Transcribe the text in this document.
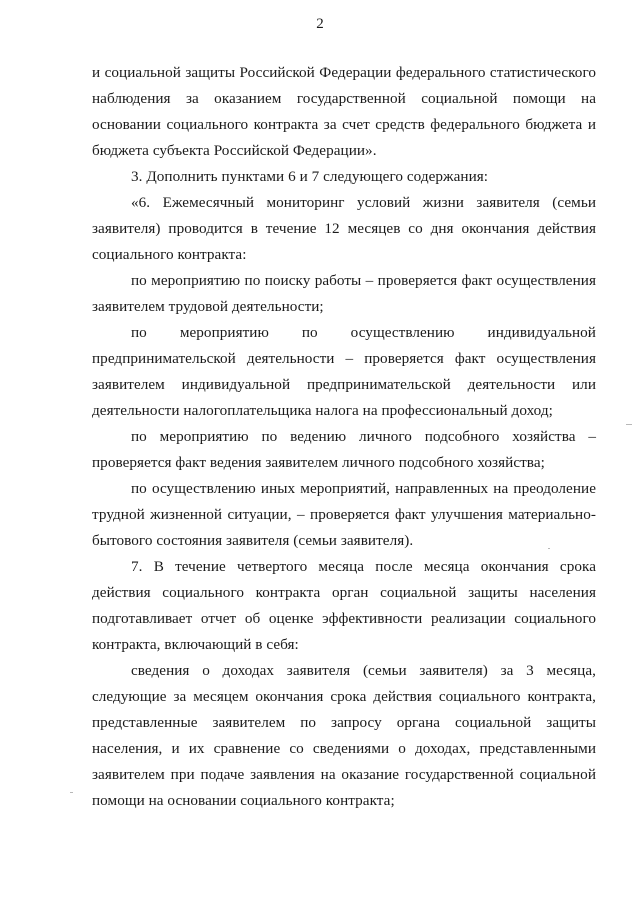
2

и социальной защиты Российской Федерации федерального статистического наблюдения за оказанием государственной социальной помощи на основании социального контракта за счет средств федерального бюджета и бюджета субъекта Российской Федерации».

3. Дополнить пунктами 6 и 7 следующего содержания:

«6. Ежемесячный мониторинг условий жизни заявителя (семьи заявителя) проводится в течение 12 месяцев со дня окончания действия социального контракта:

по мероприятию по поиску работы – проверяется факт осуществления заявителем трудовой деятельности;

по мероприятию по осуществлению индивидуальной предпринимательской деятельности – проверяется факт осуществления заявителем индивидуальной предпринимательской деятельности или деятельности налогоплательщика налога на профессиональный доход;

по мероприятию по ведению личного подсобного хозяйства – проверяется факт ведения заявителем личного подсобного хозяйства;

по осуществлению иных мероприятий, направленных на преодоление трудной жизненной ситуации, – проверяется факт улучшения материально-бытового состояния заявителя (семьи заявителя).

7. В течение четвертого месяца после месяца окончания срока действия социального контракта орган социальной защиты населения подготавливает отчет об оценке эффективности реализации социального контракта, включающий в себя:

сведения о доходах заявителя (семьи заявителя) за 3 месяца, следующие за месяцем окончания срока действия социального контракта, представленные заявителем по запросу органа социальной защиты населения, и их сравнение со сведениями о доходах, представленными заявителем при подаче заявления на оказание государственной социальной помощи на основании социального контракта;
